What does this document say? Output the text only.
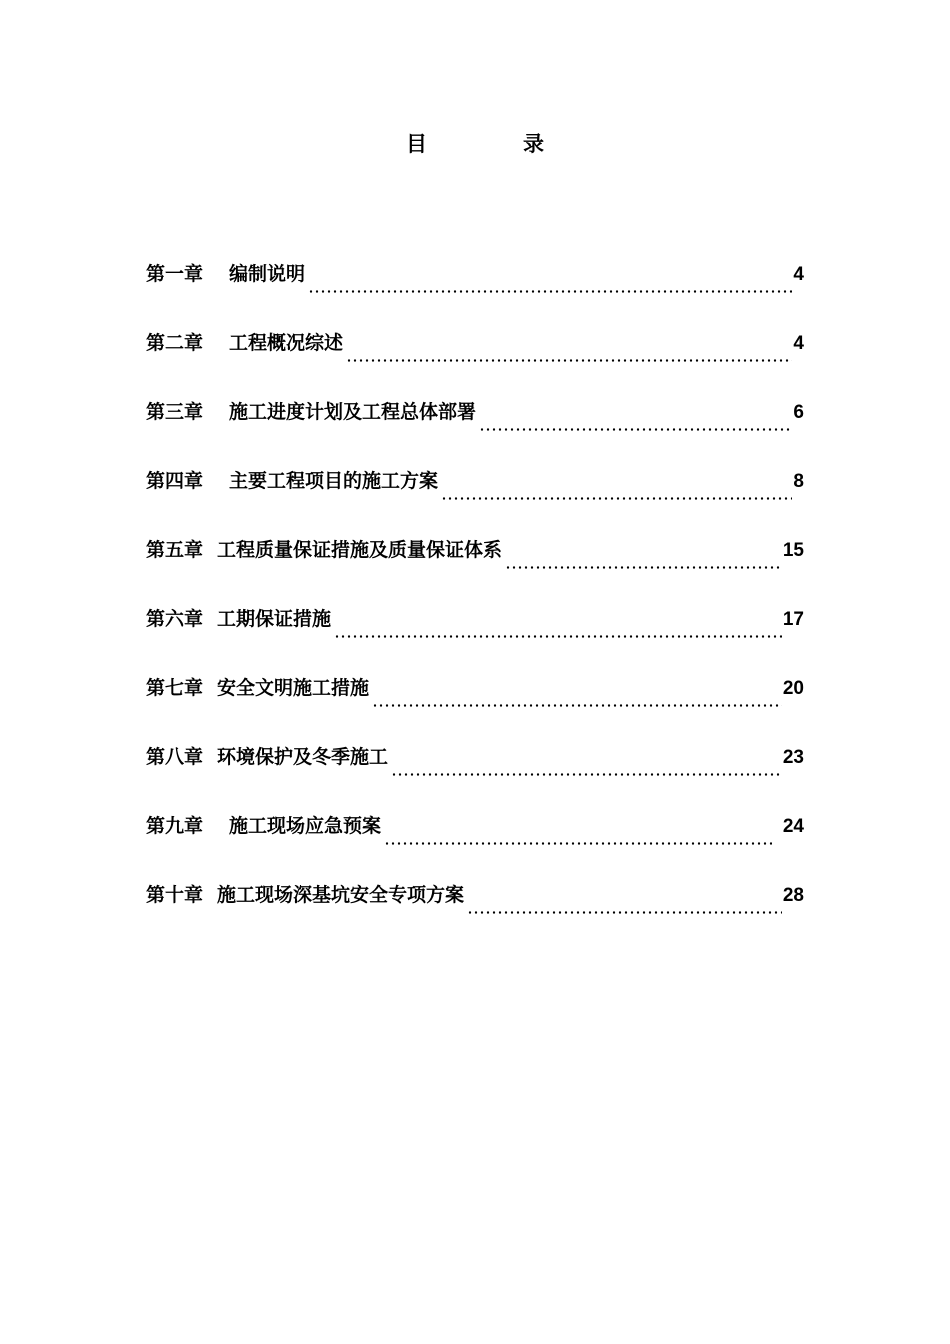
目	录
第一章 编制说明	4
第二章 工程概况综述	4
第三章 施工进度计划及工程总体部署	6
第四章 主要工程项目的施工方案	8
第五章 工程质量保证措施及质量保证体系	15
第六章 工期保证措施	17
第七章 安全文明施工措施	20
第八章 环境保护及冬季施工	23
第九章 施工现场应急预案	24
第十章 施工现场深基坑安全专项方案	28
